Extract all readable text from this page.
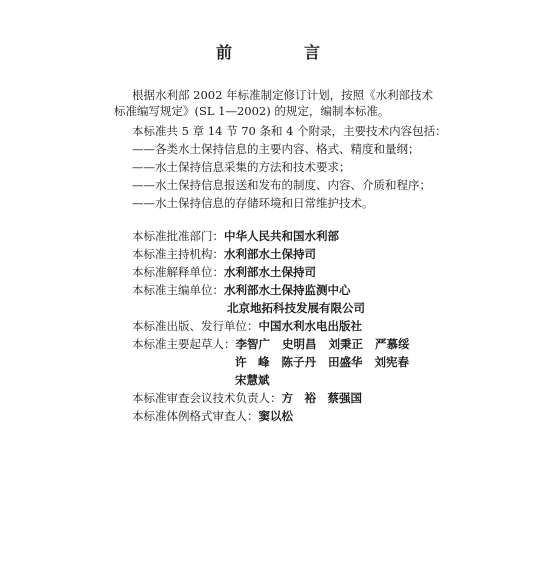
前　言
根据水利部 2002 年标准制定修订计划，按照《水利部技术
标准编写规定》(SL 1—2002) 的规定，编制本标准。
本标准共 5 章 14 节 70 条和 4 个附录，主要技术内容包括：
——各类水土保持信息的主要内容、格式、精度和量纲；
——水土保持信息采集的方法和技术要求；
——水土保持信息报送和发布的制度、内容、介质和程序；
——水土保持信息的存储环境和日常维护技术。
本标准批准部门：中华人民共和国水利部
本标准主持机构：水利部水土保持司
本标准解释单位：水利部水土保持司
本标准主编单位：水利部水土保持监测中心
北京地拓科技发展有限公司
本标准出版、发行单位：中国水利水电出版社
本标准主要起草人：李智广 史明昌 刘秉正 严慕绥
许　峰 陈子丹 田盛华 刘宪春
宋慧斌
本标准审查会议技术负责人：方　裕　蔡强国
本标准体例格式审查人：窦以松
